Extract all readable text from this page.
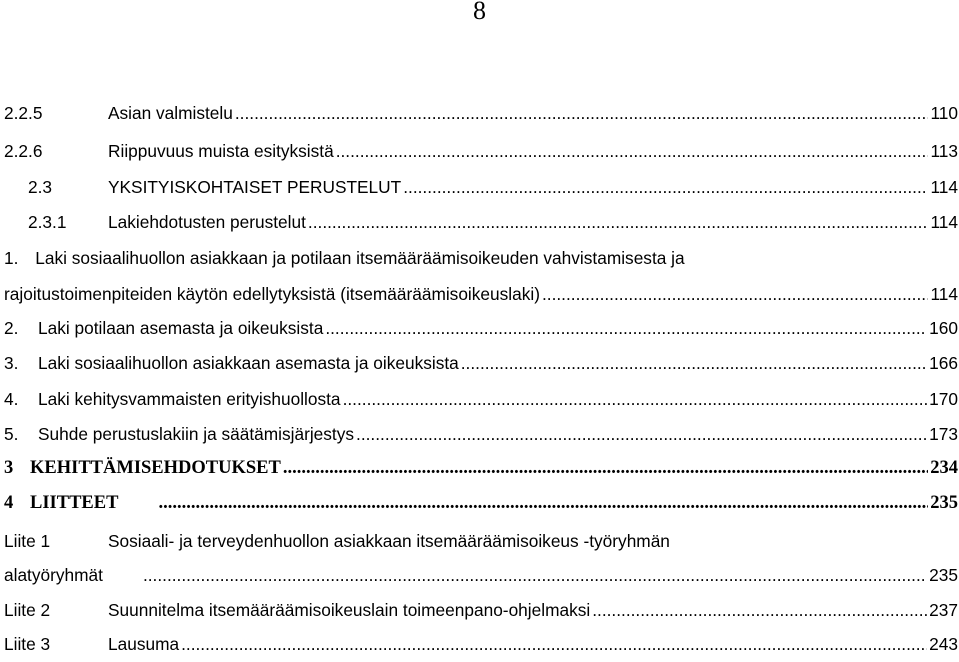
8
2.2.5	Asian valmistelu .....	110
2.2.6	Riippuvuus muista esityksistä .....	113
2.3	YKSITYISKOHTAISET PERUSTELUT .....	114
2.3.1	Lakiehdotusten perustelut .....	114
1. Laki sosiaalihuollon asiakkaan ja potilaan itsemääräämisoikeuden vahvistamisesta ja
rajoitustoimenpiteiden käytön edellytyksistä (itsemääräämisoikeuslaki) .....	114
2.	Laki potilaan asemasta ja oikeuksista .....	160
3.	Laki sosiaalihuollon asiakkaan asemasta ja oikeuksista .....	166
4.	Laki kehitysvammaisten erityishuollosta .....	170
5.	Suhde perustuslakiin ja säätämisjärjestys .....	173
3 KEHITTÄMISEHDOTUKSET .....	234
4 LIITTEET .....	235
Liite 1	Sosiaali- ja terveydenhuollon asiakkaan itsemääräämisoikeus -työryhmän
alatyöryhmät .....	235
Liite 2	Suunnitelma itsemääräämisoikeuslain toimeenpano-ohjelmaksi .....	237
Liite 3	Lausuma .....	243
